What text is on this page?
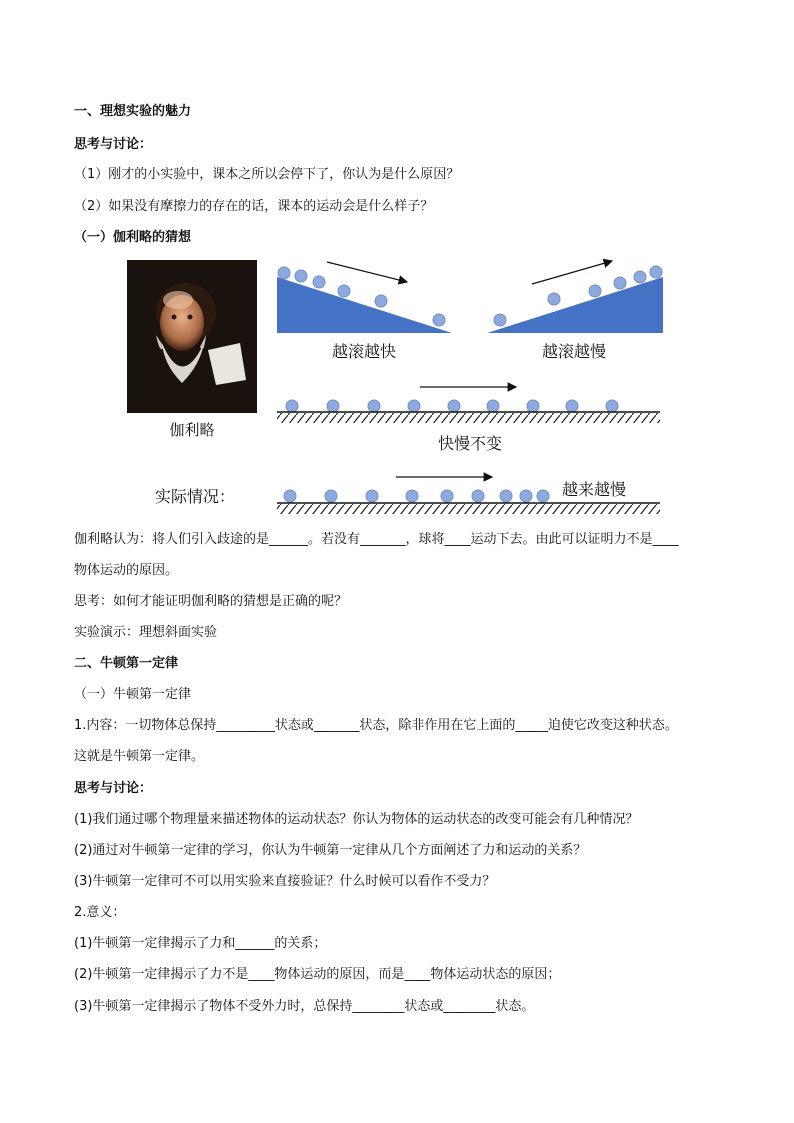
一、理想实验的魅力
思考与讨论：
（1）刚才的小实验中，课本之所以会停下了，你认为是什么原因？
（2）如果没有摩擦力的存在的话，课本的运动会是什么样子？
（一）伽利略的猜想
伽利略
越滚越快	越滚越慢
快慢不变
实际情况：	越来越慢
伽利略认为：将人们引入歧途的是______。若没有_______，球将____运动下去。由此可以证明力不是____
物体运动的原因。
思考：如何才能证明伽利略的猜想是正确的呢？
实验演示：理想斜面实验
二、牛顿第一定律
（一）牛顿第一定律
1.内容：一切物体总保持_________状态或_______状态，除非作用在它上面的_____迫使它改变这种状态。
这就是牛顿第一定律。
思考与讨论：
(1)我们通过哪个物理量来描述物体的运动状态？你认为物体的运动状态的改变可能会有几种情况？
(2)通过对牛顿第一定律的学习，你认为牛顿第一定律从几个方面阐述了力和运动的关系？
(3)牛顿第一定律可不可以用实验来直接验证？什么时候可以看作不受力？
2.意义：
(1)牛顿第一定律揭示了力和______的关系；
(2)牛顿第一定律揭示了力不是____物体运动的原因，而是____物体运动状态的原因；
(3)牛顿第一定律揭示了物体不受外力时，总保持________状态或________状态。
